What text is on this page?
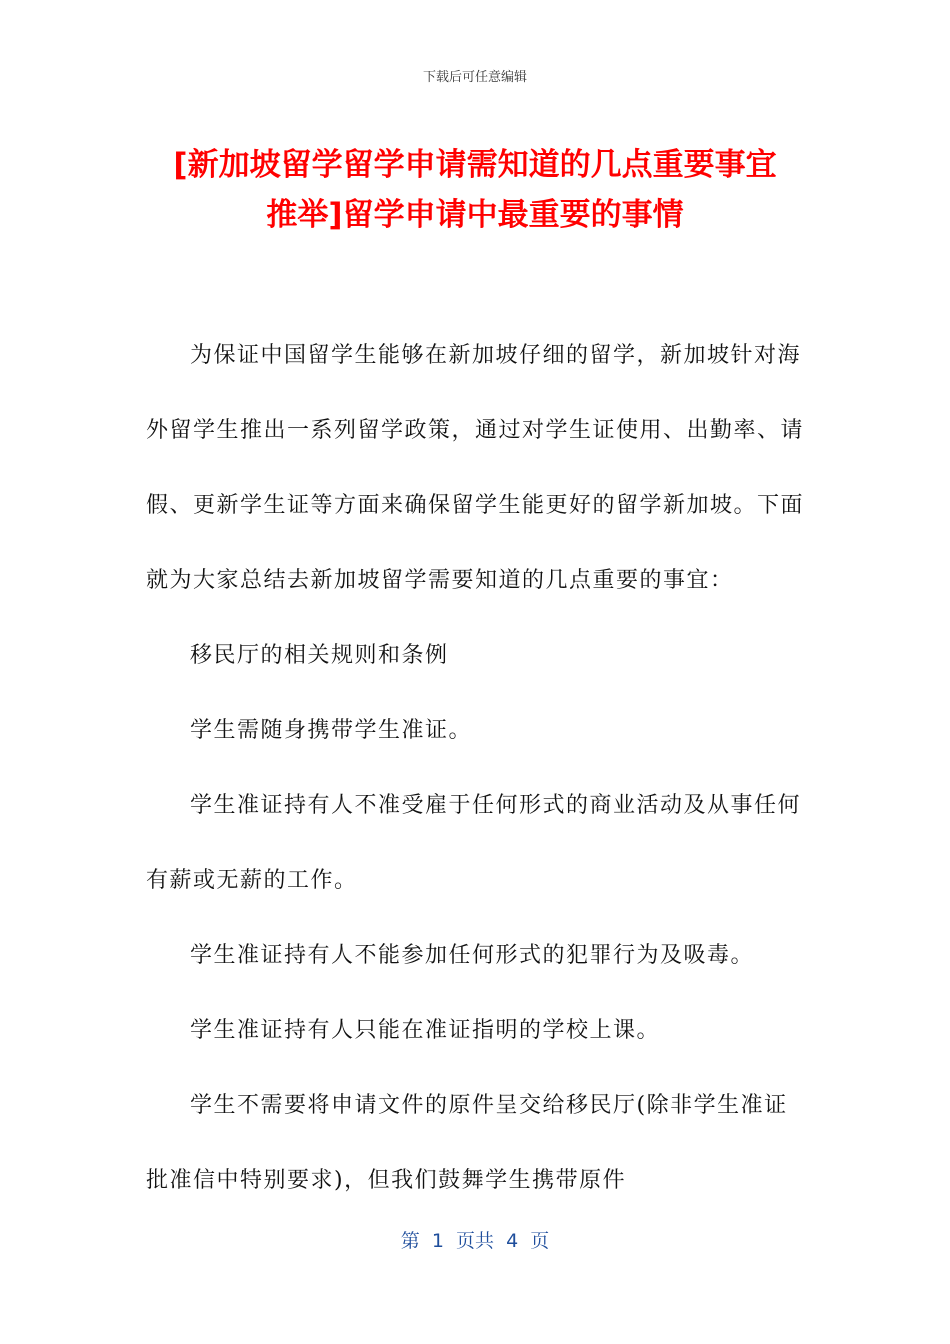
下载后可任意编辑
[新加坡留学留学申请需知道的几点重要事宜
推举]留学申请中最重要的事情

为保证中国留学生能够在新加坡仔细的留学，新加坡针对海外留学生推出一系列留学政策，通过对学生证使用、出勤率、请假、更新学生证等方面来确保留学生能更好的留学新加坡。下面就为大家总结去新加坡留学需要知道的几点重要的事宜：

移民厅的相关规则和条例

学生需随身携带学生准证。

学生准证持有人不准受雇于任何形式的商业活动及从事任何有薪或无薪的工作。

学生准证持有人不能参加任何形式的犯罪行为及吸毒。

学生准证持有人只能在准证指明的学校上课。

学生不需要将申请文件的原件呈交给移民厅(除非学生准证批准信中特别要求)，但我们鼓舞学生携带原件

第  1  页共  4  页
